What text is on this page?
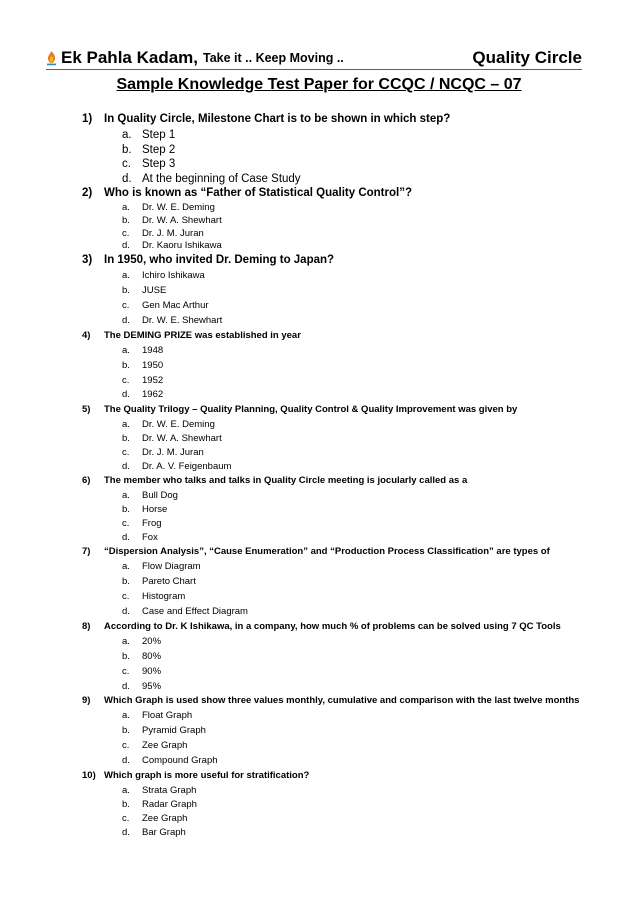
Ek Pahla Kadam, Take it .. Keep Moving ..	Quality Circle
Sample Knowledge Test Paper for CCQC / NCQC – 07
1)	In Quality Circle, Milestone Chart is to be shown in which step?
a. Step 1
b. Step 2
c. Step 3
d. At the beginning of Case Study
2)	Who is known as “Father of Statistical Quality Control”?
a.	Dr. W. E. Deming
b.	Dr. W. A. Shewhart
c.	Dr. J. M. Juran
d.	Dr. Kaoru Ishikawa
3)	In 1950, who invited Dr. Deming to Japan?
a.	Ichiro Ishikawa
b.	JUSE
c.	Gen Mac Arthur
d.	Dr. W. E. Shewhart
4)	The DEMING PRIZE was established in year
a.	1948
b.	1950
c.	1952
d.	1962
5)	The Quality Trilogy – Quality Planning, Quality Control & Quality Improvement was given by
a.	Dr. W. E. Deming
b.	Dr. W. A. Shewhart
c.	Dr. J. M. Juran
d.	Dr. A. V. Feigenbaum
6)	The member who talks and talks in Quality Circle meeting is jocularly called as a
a.	Bull Dog
b.	Horse
c.	Frog
d.	Fox
7)	“Dispersion Analysis”, “Cause Enumeration” and “Production Process Classification” are types of
a.	Flow Diagram
b.	Pareto Chart
c.	Histogram
d.	Case and Effect Diagram
8)	According to Dr. K Ishikawa, in a company, how much % of problems can be solved using 7 QC Tools
a.	20%
b.	80%
c.	90%
d.	95%
9)	Which Graph is used show three values monthly, cumulative and comparison with the last twelve months
a.	Float Graph
b.	Pyramid Graph
c.	Zee Graph
d.	Compound Graph
10) Which graph is more useful for stratification?
a.	Strata Graph
b.	Radar Graph
c.	Zee Graph
d.	Bar Graph
